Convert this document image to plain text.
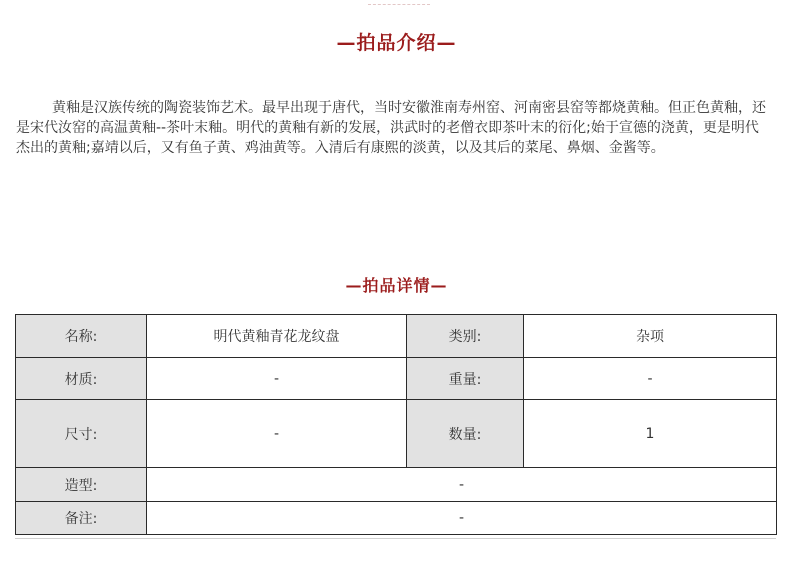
—拍品介绍—

黄釉是汉族传统的陶瓷装饰艺术。最早出现于唐代，当时安徽淮南寿州窑、河南密县窑等都烧黄釉。但正色黄釉，还是宋代汝窑的高温黄釉--茶叶末釉。明代的黄釉有新的发展，洪武时的老僧衣即茶叶末的衍化;始于宣德的浇黄，更是明代杰出的黄釉;嘉靖以后，又有鱼子黄、鸡油黄等。入清后有康熙的淡黄，以及其后的菜尾、鼻烟、金酱等。

—拍品详情—
名称:	明代黄釉青花龙纹盘	类别:	杂项
材质:	-	重量:	-
尺寸:	-	数量:	1
造型:	-		
备注:	-		
